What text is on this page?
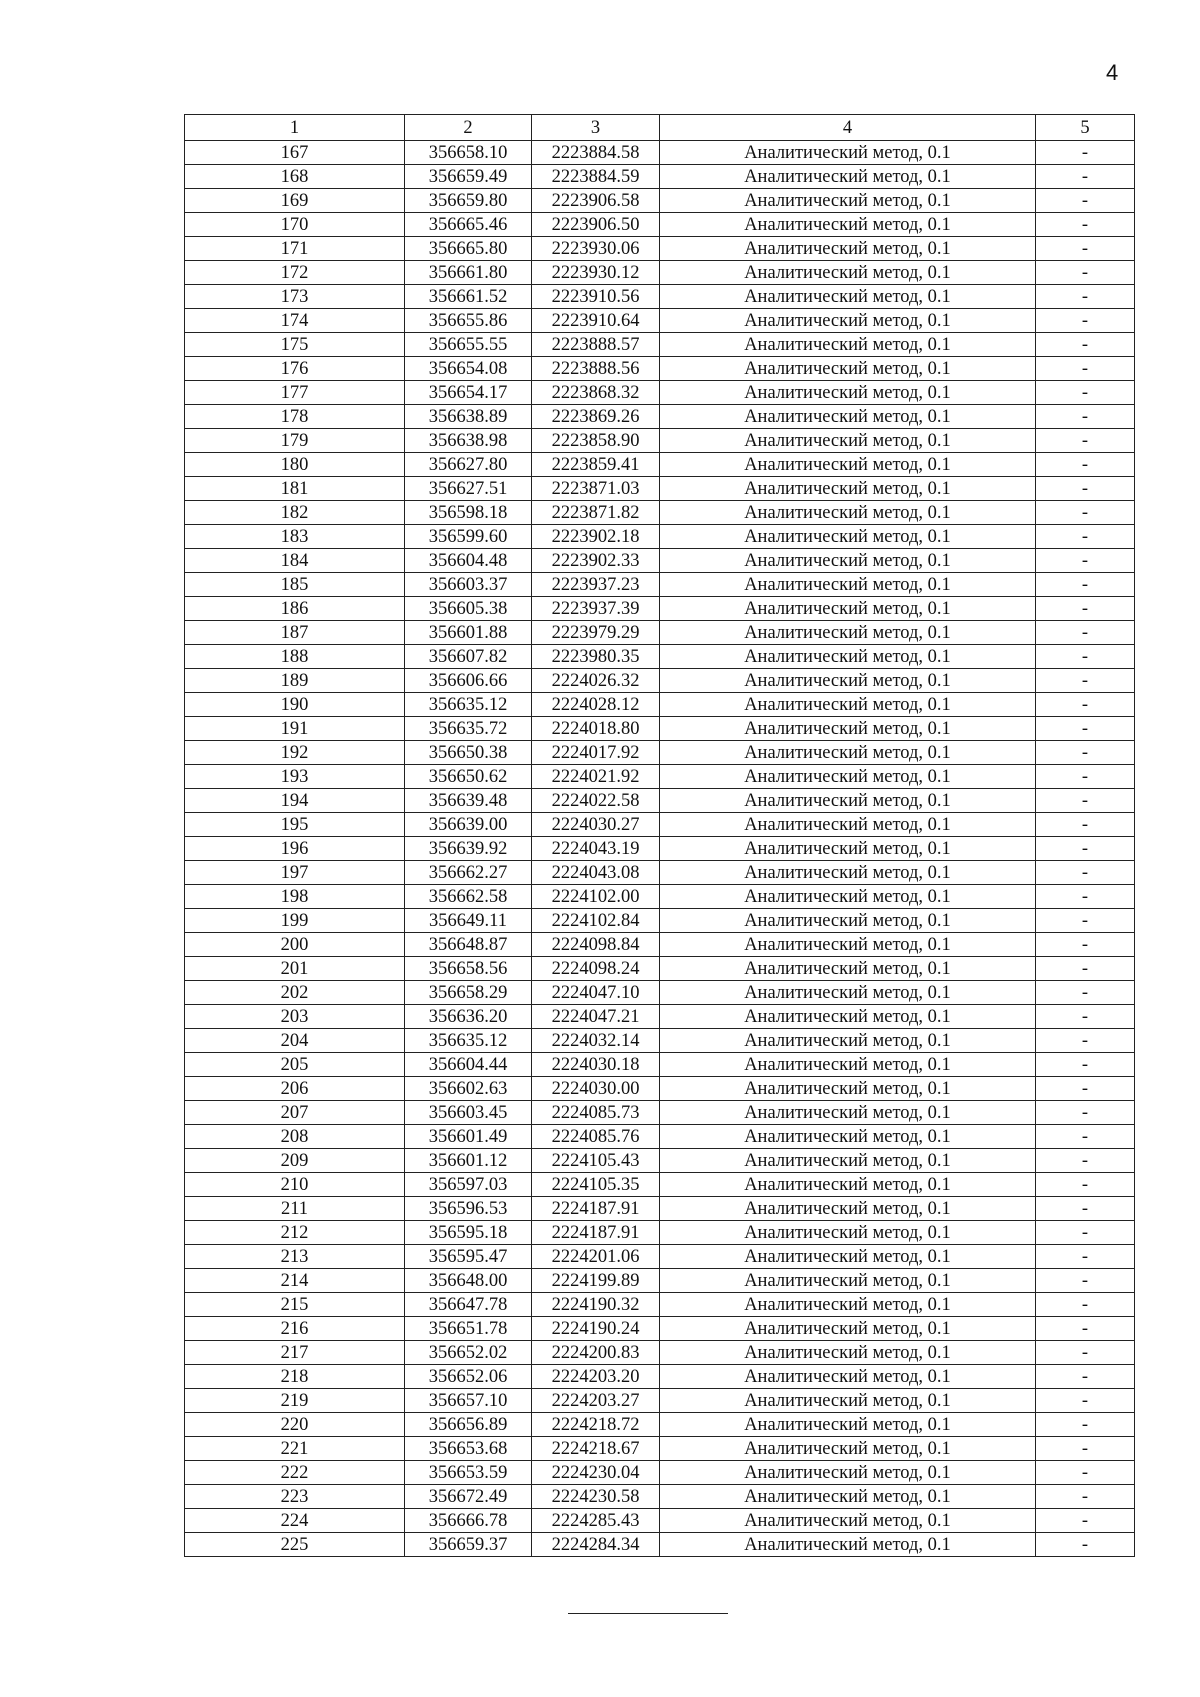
4
1	2	3	4	5
167	356658.10	2223884.58	Аналитический метод, 0.1	-
168	356659.49	2223884.59	Аналитический метод, 0.1	-
169	356659.80	2223906.58	Аналитический метод, 0.1	-
170	356665.46	2223906.50	Аналитический метод, 0.1	-
171	356665.80	2223930.06	Аналитический метод, 0.1	-
172	356661.80	2223930.12	Аналитический метод, 0.1	-
173	356661.52	2223910.56	Аналитический метод, 0.1	-
174	356655.86	2223910.64	Аналитический метод, 0.1	-
175	356655.55	2223888.57	Аналитический метод, 0.1	-
176	356654.08	2223888.56	Аналитический метод, 0.1	-
177	356654.17	2223868.32	Аналитический метод, 0.1	-
178	356638.89	2223869.26	Аналитический метод, 0.1	-
179	356638.98	2223858.90	Аналитический метод, 0.1	-
180	356627.80	2223859.41	Аналитический метод, 0.1	-
181	356627.51	2223871.03	Аналитический метод, 0.1	-
182	356598.18	2223871.82	Аналитический метод, 0.1	-
183	356599.60	2223902.18	Аналитический метод, 0.1	-
184	356604.48	2223902.33	Аналитический метод, 0.1	-
185	356603.37	2223937.23	Аналитический метод, 0.1	-
186	356605.38	2223937.39	Аналитический метод, 0.1	-
187	356601.88	2223979.29	Аналитический метод, 0.1	-
188	356607.82	2223980.35	Аналитический метод, 0.1	-
189	356606.66	2224026.32	Аналитический метод, 0.1	-
190	356635.12	2224028.12	Аналитический метод, 0.1	-
191	356635.72	2224018.80	Аналитический метод, 0.1	-
192	356650.38	2224017.92	Аналитический метод, 0.1	-
193	356650.62	2224021.92	Аналитический метод, 0.1	-
194	356639.48	2224022.58	Аналитический метод, 0.1	-
195	356639.00	2224030.27	Аналитический метод, 0.1	-
196	356639.92	2224043.19	Аналитический метод, 0.1	-
197	356662.27	2224043.08	Аналитический метод, 0.1	-
198	356662.58	2224102.00	Аналитический метод, 0.1	-
199	356649.11	2224102.84	Аналитический метод, 0.1	-
200	356648.87	2224098.84	Аналитический метод, 0.1	-
201	356658.56	2224098.24	Аналитический метод, 0.1	-
202	356658.29	2224047.10	Аналитический метод, 0.1	-
203	356636.20	2224047.21	Аналитический метод, 0.1	-
204	356635.12	2224032.14	Аналитический метод, 0.1	-
205	356604.44	2224030.18	Аналитический метод, 0.1	-
206	356602.63	2224030.00	Аналитический метод, 0.1	-
207	356603.45	2224085.73	Аналитический метод, 0.1	-
208	356601.49	2224085.76	Аналитический метод, 0.1	-
209	356601.12	2224105.43	Аналитический метод, 0.1	-
210	356597.03	2224105.35	Аналитический метод, 0.1	-
211	356596.53	2224187.91	Аналитический метод, 0.1	-
212	356595.18	2224187.91	Аналитический метод, 0.1	-
213	356595.47	2224201.06	Аналитический метод, 0.1	-
214	356648.00	2224199.89	Аналитический метод, 0.1	-
215	356647.78	2224190.32	Аналитический метод, 0.1	-
216	356651.78	2224190.24	Аналитический метод, 0.1	-
217	356652.02	2224200.83	Аналитический метод, 0.1	-
218	356652.06	2224203.20	Аналитический метод, 0.1	-
219	356657.10	2224203.27	Аналитический метод, 0.1	-
220	356656.89	2224218.72	Аналитический метод, 0.1	-
221	356653.68	2224218.67	Аналитический метод, 0.1	-
222	356653.59	2224230.04	Аналитический метод, 0.1	-
223	356672.49	2224230.58	Аналитический метод, 0.1	-
224	356666.78	2224285.43	Аналитический метод, 0.1	-
225	356659.37	2224284.34	Аналитический метод, 0.1	-
